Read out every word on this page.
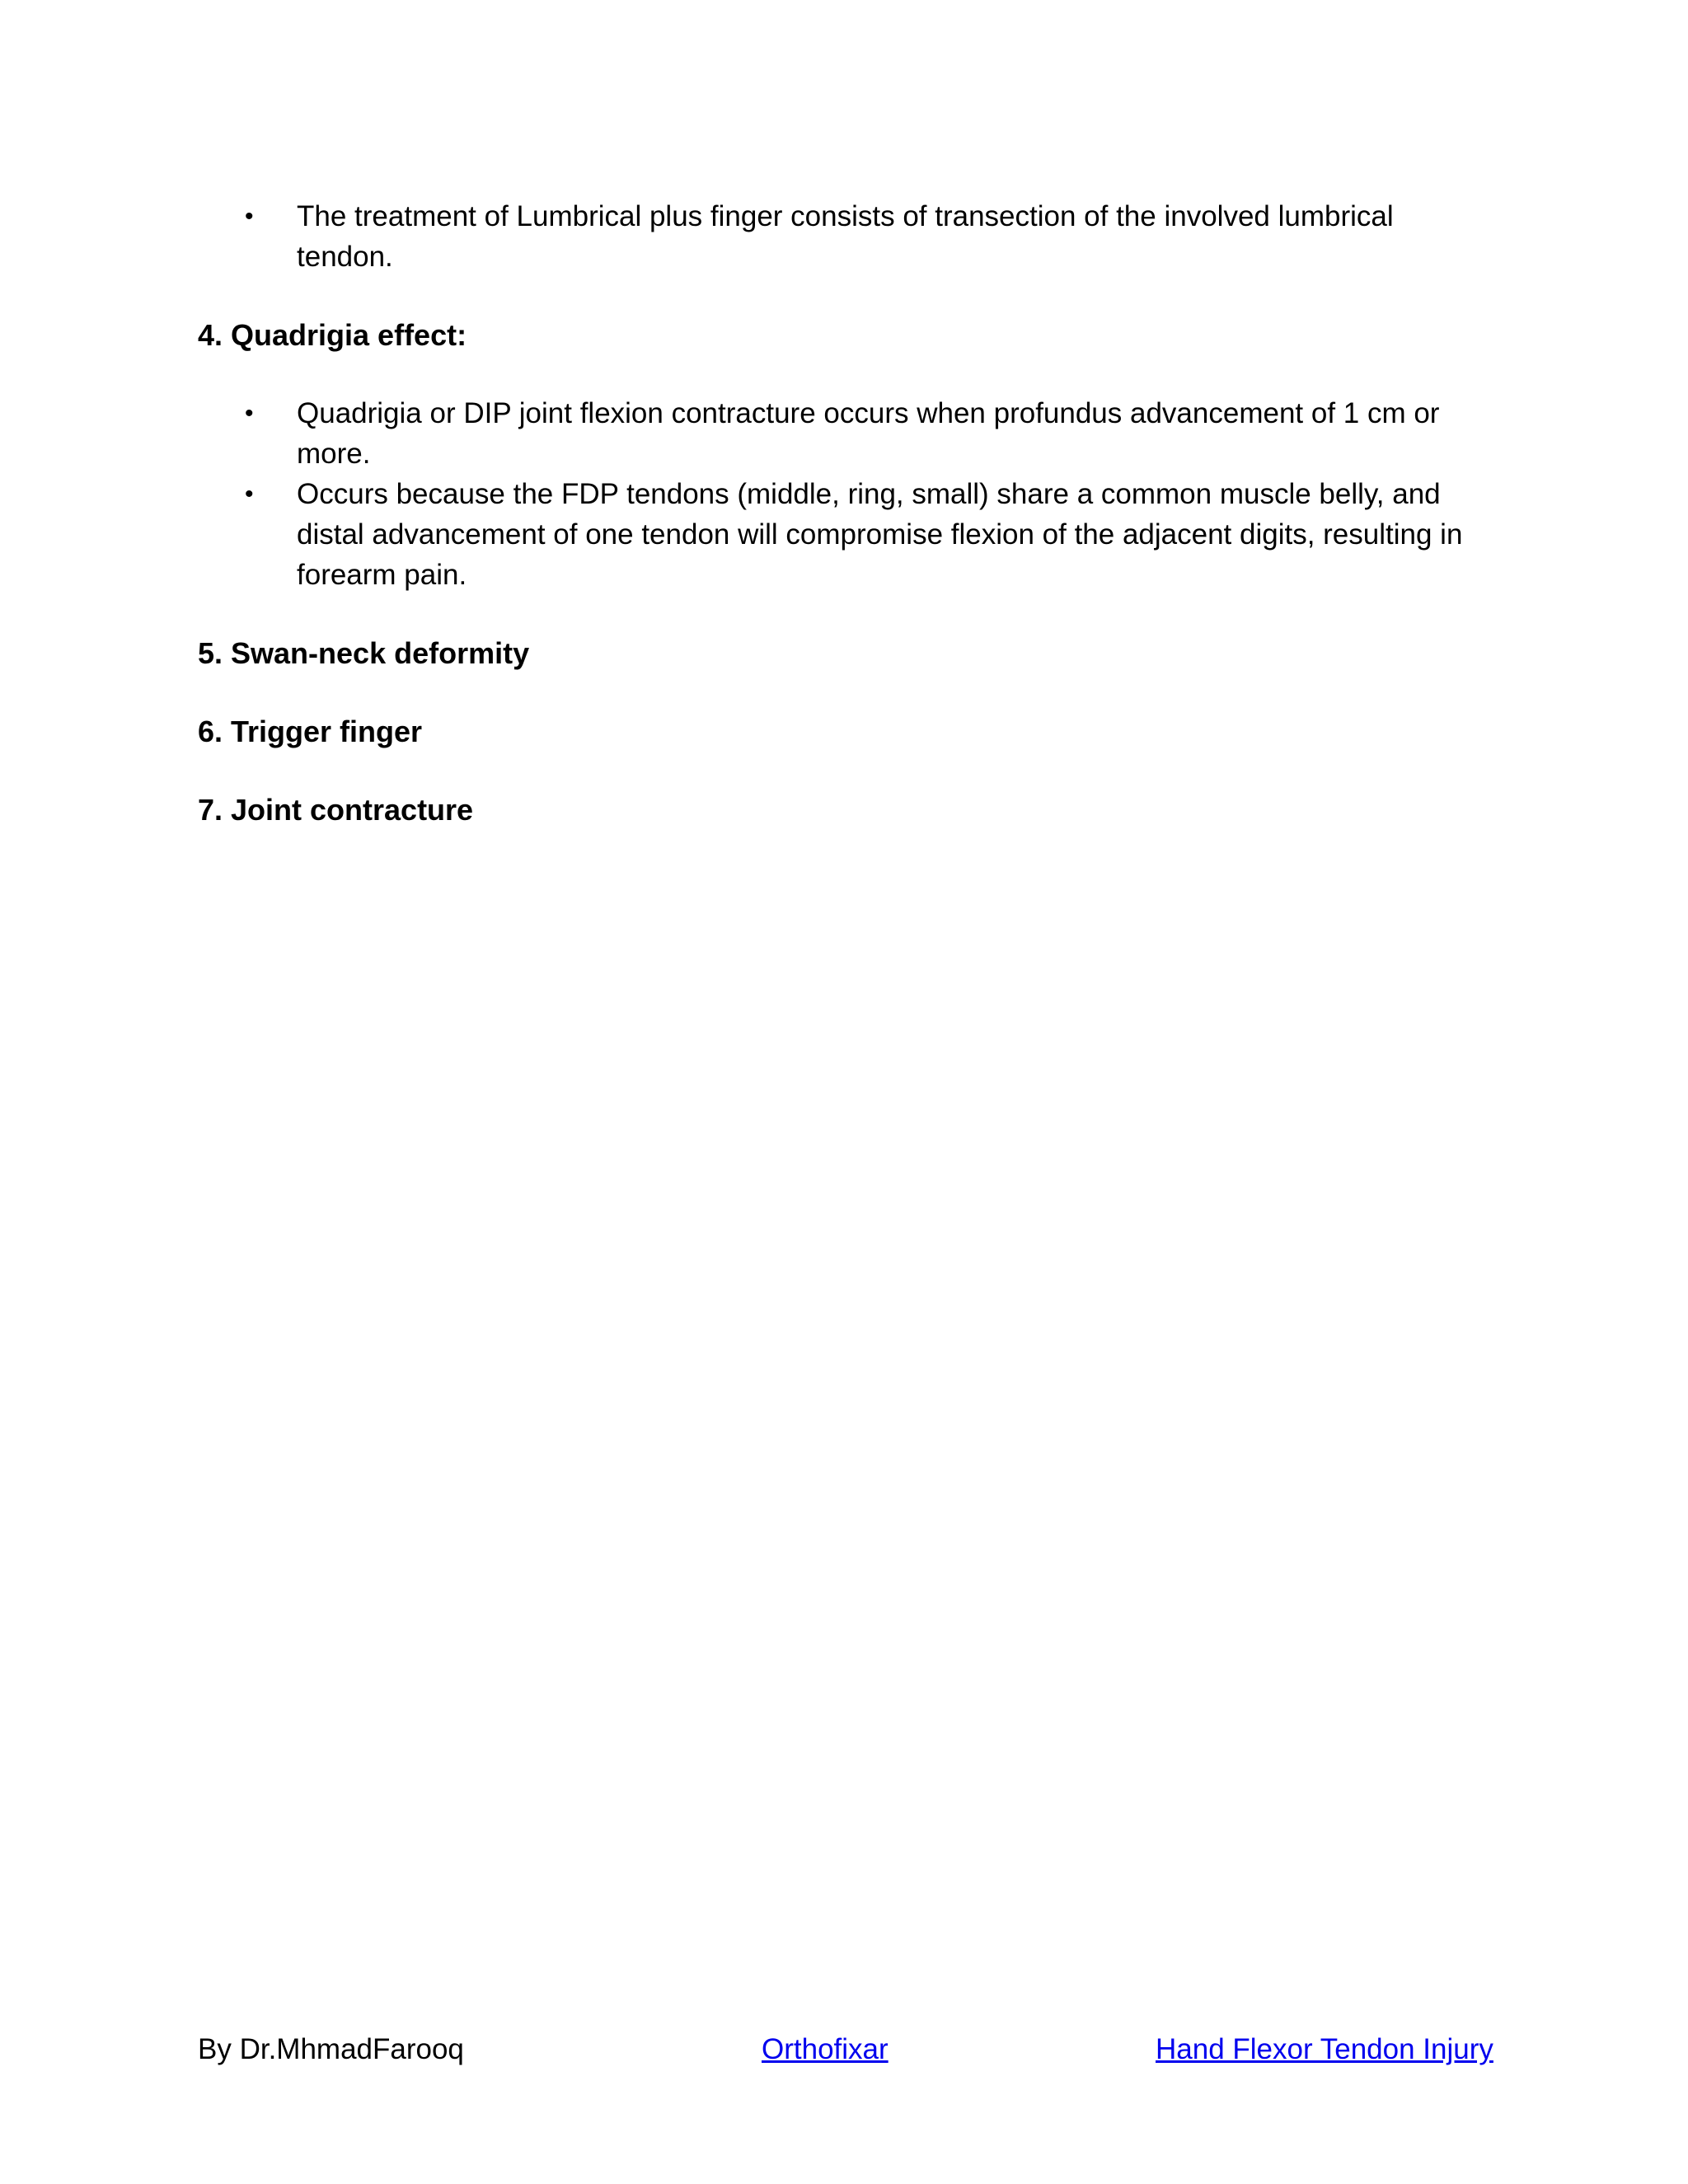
• The treatment of Lumbrical plus finger consists of transection of the involved lumbrical tendon.

4. Quadrigia effect:

• Quadrigia or DIP joint flexion contracture occurs when profundus advancement of 1 cm or more.
• Occurs because the FDP tendons (middle, ring, small) share a common muscle belly, and distal advancement of one tendon will compromise flexion of the adjacent digits, resulting in forearm pain.

5. Swan-neck deformity

6. Trigger finger

7. Joint contracture

By Dr.MhmadFarooq	Orthofixar	Hand Flexor Tendon Injury
